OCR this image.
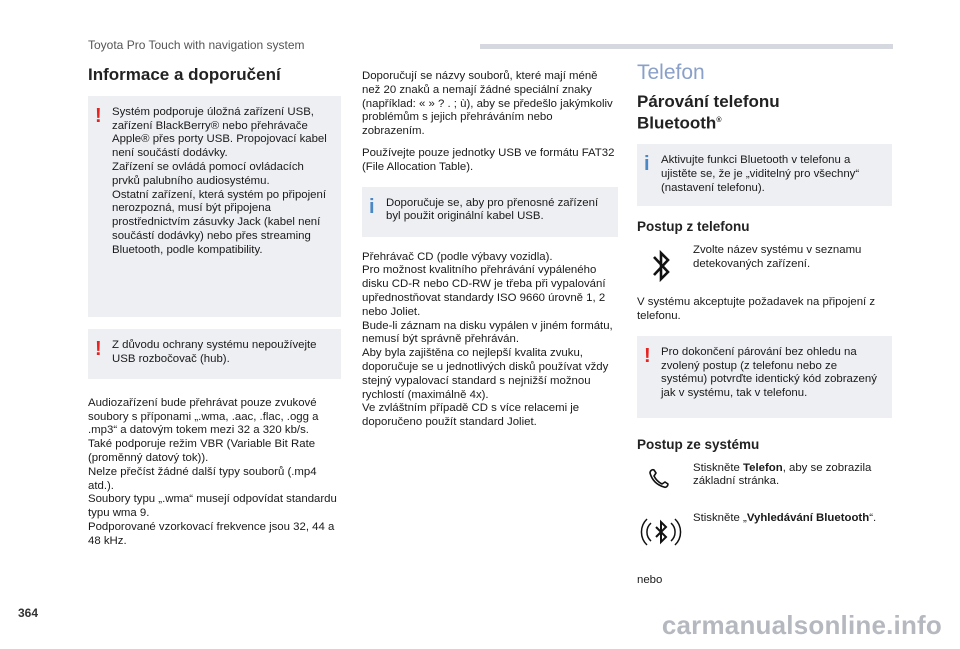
Toyota Pro Touch with navigation system
Informace a doporučení
! Systém podporuje úložná zařízení USB, zařízení BlackBerry® nebo přehrávače Apple® přes porty USB. Propojovací kabel není součástí dodávky.
Zařízení se ovládá pomocí ovládacích prvků palubního audiosystému.
Ostatní zařízení, která systém po připojení nerozpozná, musí být připojena prostřednictvím zásuvky Jack (kabel není součástí dodávky) nebo přes streaming Bluetooth, podle kompatibility.

! Z důvodu ochrany systému nepoužívejte USB rozbočovač (hub).

Audiozařízení bude přehrávat pouze zvukové soubory s příponami „.wma, .aac, .flac, .ogg a .mp3“ a datovým tokem mezi 32 a 320 kb/s.
Také podporuje režim VBR (Variable Bit Rate (proměnný datový tok)).
Nelze přečíst žádné další typy souborů (.mp4 atd.).
Soubory typu „.wma“ musejí odpovídat standardu typu wma 9.
Podporované vzorkovací frekvence jsou 32, 44 a 48 kHz.

Doporučují se názvy souborů, které mají méně než 20 znaků a nemají žádné speciální znaky (například: « » ? . ; ù), aby se předešlo jakýmkoliv problémům s jejich přehráváním nebo zobrazením.

Používejte pouze jednotky USB ve formátu FAT32 (File Allocation Table).

i Doporučuje se, aby pro přenosné zařízení byl použit originální kabel USB.

Přehrávač CD (podle výbavy vozidla).
Pro možnost kvalitního přehrávání vypáleného disku CD-R nebo CD-RW je třeba při vypalování upřednostňovat standardy ISO 9660 úrovně 1, 2 nebo Joliet.
Bude-li záznam na disku vypálen v jiném formátu, nemusí být správně přehráván.
Aby byla zajištěna co nejlepší kvalita zvuku, doporučuje se u jednotlivých disků používat vždy stejný vypalovací standard s nejnižší možnou rychlostí (maximálně 4x).
Ve zvláštním případě CD s více relacemi je doporučeno použít standard Joliet.

Telefon
Párování telefonu
Bluetooth®
i Aktivujte funkci Bluetooth v telefonu a ujistěte se, že je „viditelný pro všechny“ (nastavení telefonu).

Postup z telefonu

Zvolte název systému v seznamu detekovaných zařízení.

V systému akceptujte požadavek na připojení z telefonu.

! Pro dokončení párování bez ohledu na zvolený postup (z telefonu nebo ze systému) potvrďte identický kód zobrazený jak v systému, tak v telefonu.

Postup ze systému

Stiskněte Telefon, aby se zobrazila základní stránka.

Stiskněte „Vyhledávání Bluetooth“.

nebo

364	carmanualsonline.info
